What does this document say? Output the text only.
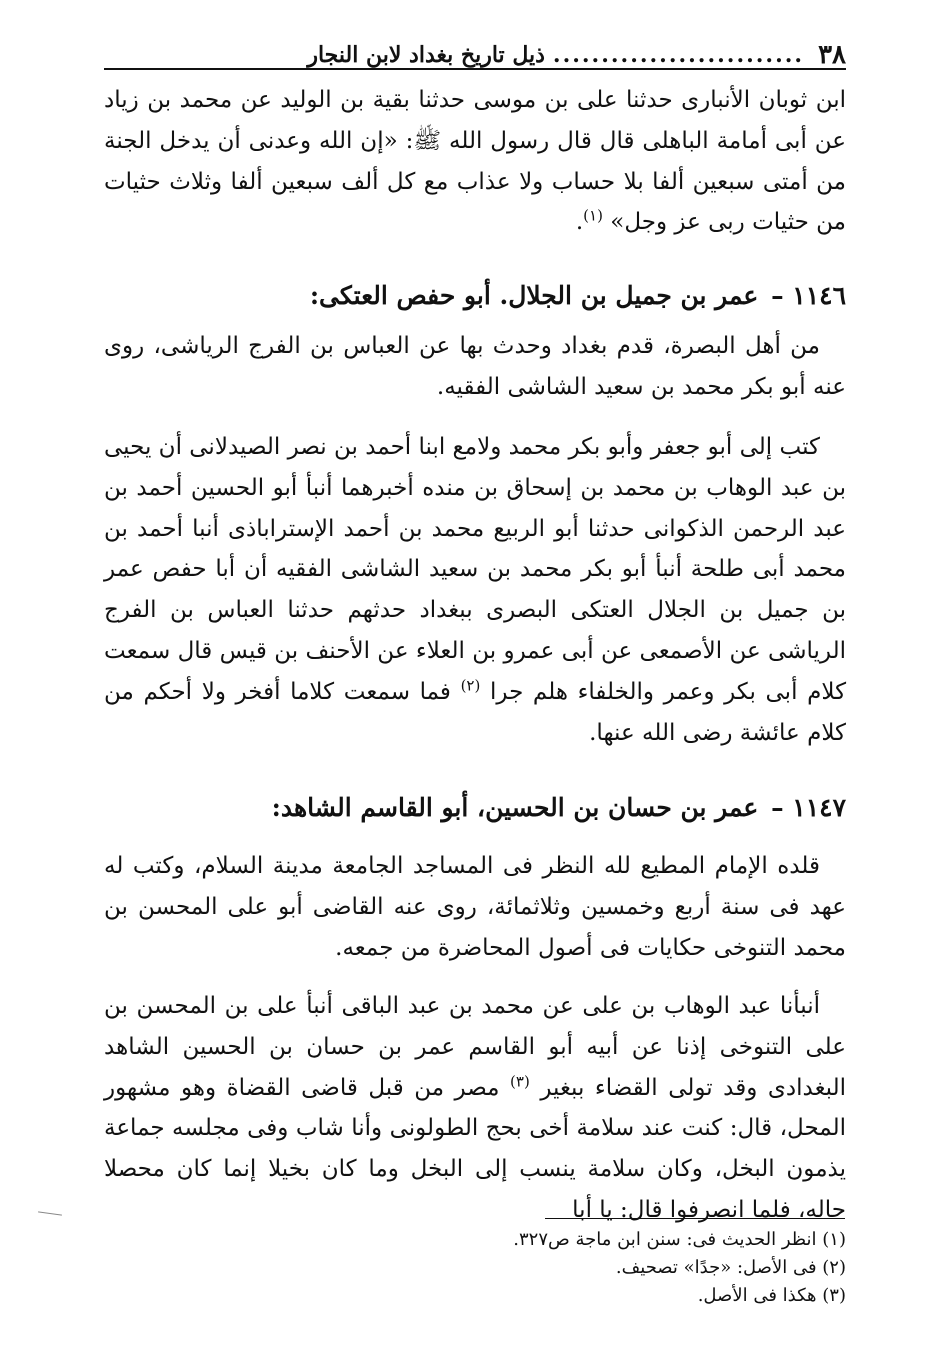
٣٨
..........................
ذيل تاريخ بغداد لابن النجار
ابن ثوبان الأنبارى حدثنا على بن موسى حدثنا بقية بن الوليد عن محمد بن زياد عن أبى أمامة الباهلى قال قال رسول الله ﷺ: «إن الله وعدنى أن يدخل الجنة من أمتى سبعين ألفا بلا حساب ولا عذاب مع كل ألف سبعين ألفا وثلاث حثيات من حثيات ربى عز وجل» $^{(١)}$.
١١٤٦ – عمر بن جميل بن الجلال. أبو حفص العتكى:
من أهل البصرة، قدم بغداد وحدث بها عن العباس بن الفرج الرياشى، روى عنه أبو بكر محمد بن سعيد الشاشى الفقيه.
كتب إلى أبو جعفر وأبو بكر محمد ولامع ابنا أحمد بن نصر الصيدلانى أن يحيى بن عبد الوهاب بن محمد بن إسحاق بن منده أخبرهما أنبأ أبو الحسين أحمد بن عبد الرحمن الذكوانى حدثنا أبو الربيع محمد بن أحمد الإستراباذى أنبا أحمد بن محمد أبى طلحة أنبأ أبو بكر محمد بن سعيد الشاشى الفقيه أن أبا حفص عمر بن جميل بن الجلال العتكى البصرى ببغداد حدثهم حدثنا العباس بن الفرج الرياشى عن الأصمعى عن أبى عمرو بن العلاء عن الأحنف بن قيس قال سمعت كلام أبى بكر وعمر والخلفاء هلم جرا $^{(٢)}$ فما سمعت كلاما أفخر ولا أحكم من كلام عائشة رضى الله عنها.
١١٤٧ – عمر بن حسان بن الحسين، أبو القاسم الشاهد:
قلده الإمام المطيع لله النظر فى المساجد الجامعة مدينة السلام، وكتب له عهد فى سنة أربع وخمسين وثلاثمائة، روى عنه القاضى أبو على المحسن بن محمد التنوخى حكايات فى أصول المحاضرة من جمعه.
أنبأنا عبد الوهاب بن على عن محمد بن عبد الباقى أنبأ على بن المحسن بن على التنوخى إذنا عن أبيه أبو القاسم عمر بن حسان بن الحسين الشاهد البغدادى وقد تولى القضاء ببغير $^{(٣)}$ مصر من قبل قاضى القضاة وهو مشهور المحل، قال: كنت عند سلامة أخى بحج الطولونى وأنا شاب وفى مجلسه جماعة يذمون البخل، وكان سلامة ينسب إلى البخل وما كان بخيلا إنما كان محصلا حاله، فلما انصرفوا قال: يا أبا
(١) انظر الحديث فى: سنن ابن ماجة ص٣٢٧.
(٢) فى الأصل: «جدًا» تصحيف.
(٣) هكذا فى الأصل.
